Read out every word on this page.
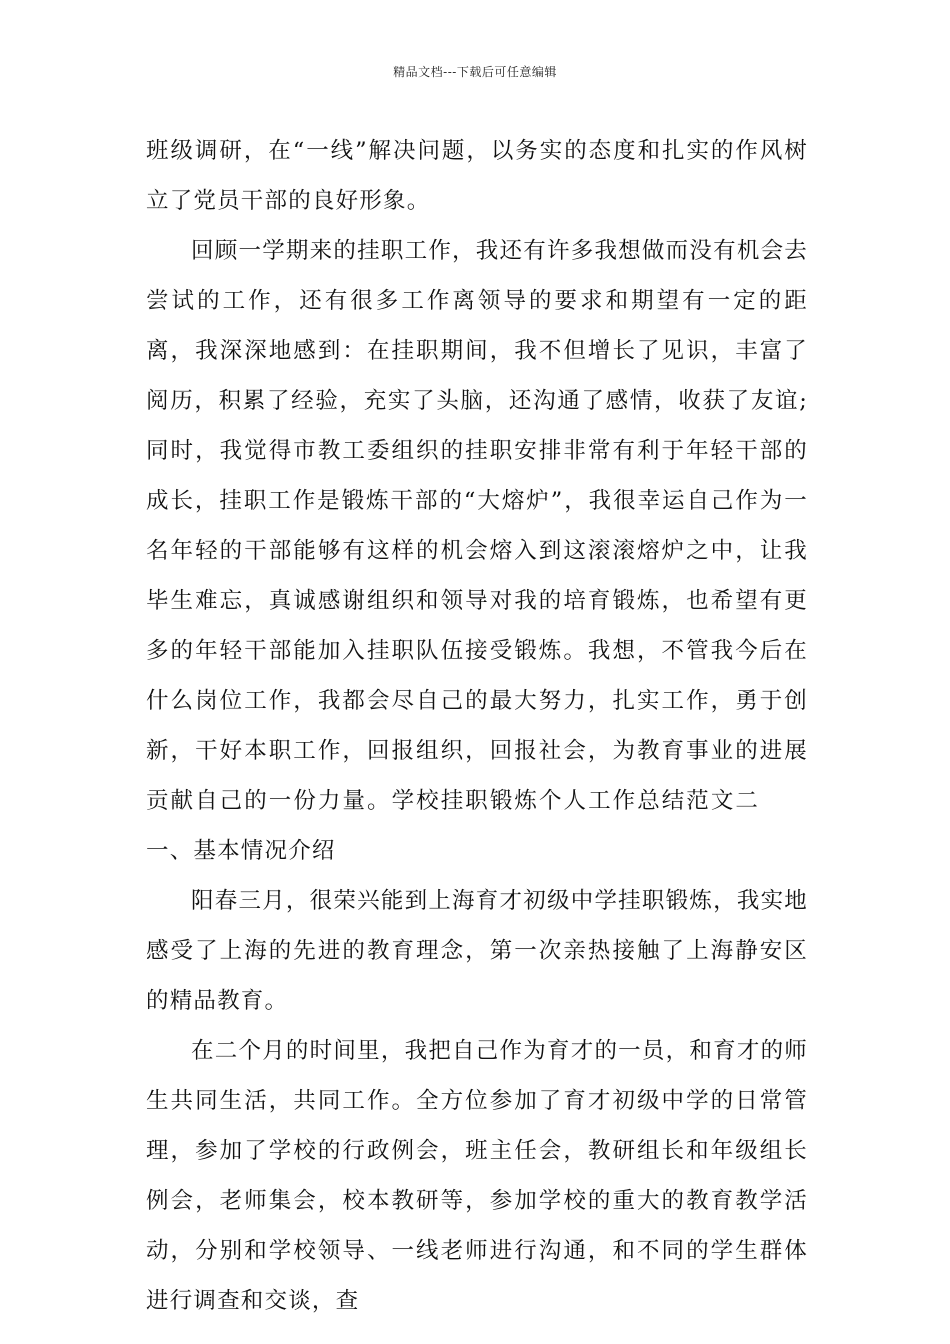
精品文档---下载后可任意编辑

班级调研，在“一线”解决问题，以务实的态度和扎实的作风树立了党员干部的良好形象。

回顾一学期来的挂职工作，我还有许多我想做而没有机会去尝试的工作，还有很多工作离领导的要求和期望有一定的距离，我深深地感到：在挂职期间，我不但增长了见识，丰富了阅历，积累了经验，充实了头脑，还沟通了感情，收获了友谊;同时，我觉得市教工委组织的挂职安排非常有利于年轻干部的成长，挂职工作是锻炼干部的“大熔炉”，我很幸运自己作为一名年轻的干部能够有这样的机会熔入到这滚滚熔炉之中，让我毕生难忘，真诚感谢组织和领导对我的培育锻炼，也希望有更多的年轻干部能加入挂职队伍接受锻炼。我想，不管我今后在什么岗位工作，我都会尽自己的最大努力，扎实工作，勇于创新，干好本职工作，回报组织，回报社会，为教育事业的进展贡献自己的一份力量。学校挂职锻炼个人工作总结范文二一、基本情况介绍

阳春三月，很荣兴能到上海育才初级中学挂职锻炼，我实地感受了上海的先进的教育理念，第一次亲热接触了上海静安区的精品教育。

在二个月的时间里，我把自己作为育才的一员，和育才的师生共同生活，共同工作。全方位参加了育才初级中学的日常管理，参加了学校的行政例会，班主任会，教研组长和年级组长例会，老师集会，校本教研等，参加学校的重大的教育教学活动，分别和学校领导、一线老师进行沟通，和不同的学生群体进行调查和交谈，查
